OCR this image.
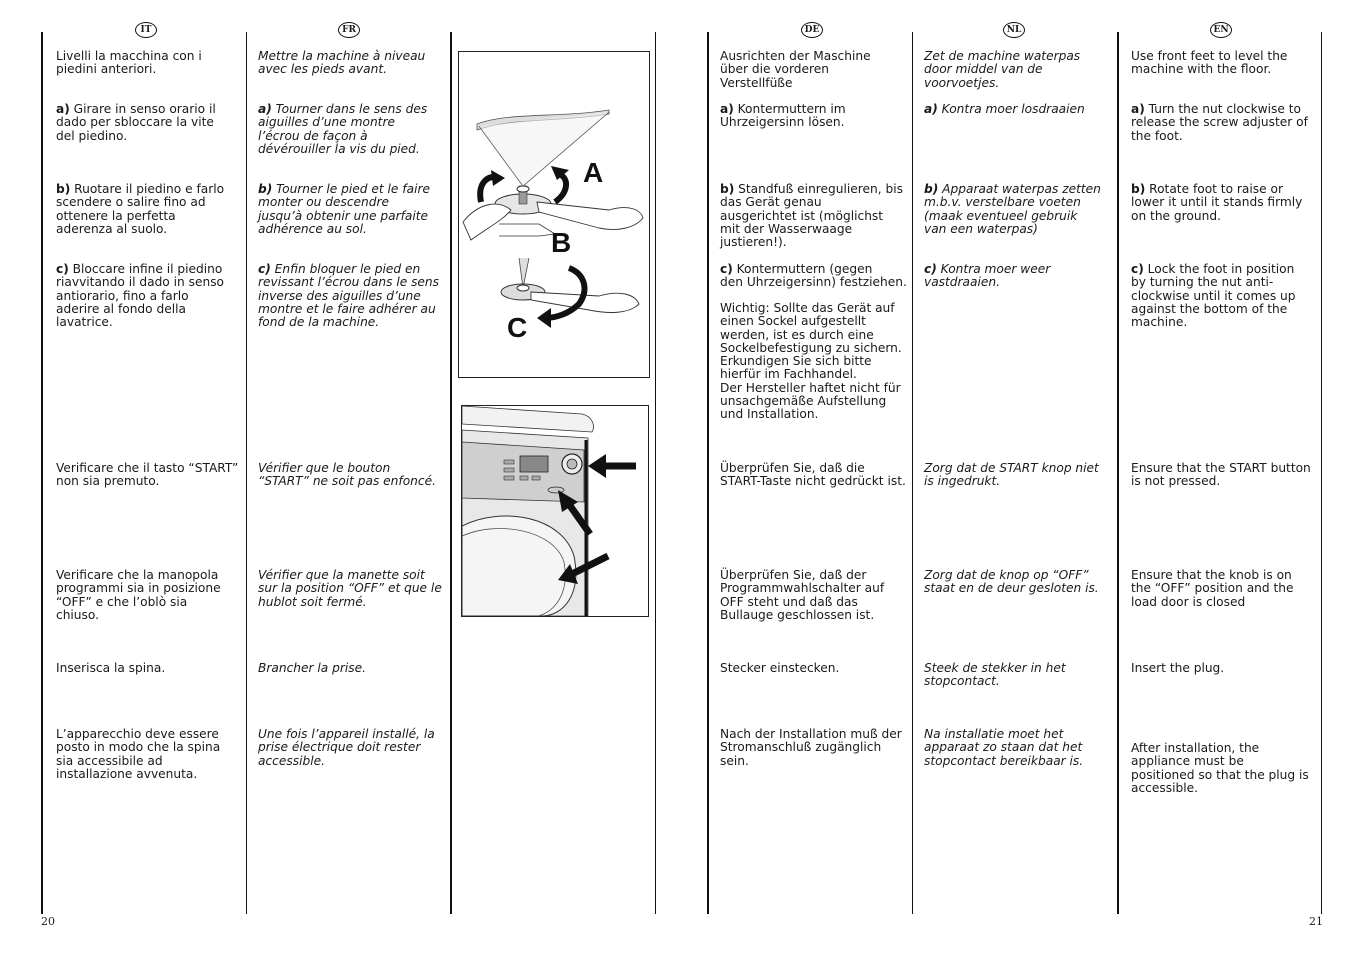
IT	FR	DE	NL	EN
Livelli la macchina con i
piedini anteriori.
a) Girare in senso orario il
dado per sbloccare la vite
del piedino.
b) Ruotare il piedino e farlo
scendere o salire fino ad
ottenere la perfetta
aderenza al suolo.
c) Bloccare infine il piedino
riavvitando il dado in senso
antiorario, fino a farlo
aderire al fondo della
lavatrice.
Verificare che il tasto “START”
non sia premuto.
Verificare che la manopola
programmi sia in posizione
“OFF” e che l’oblò sia
chiuso.
Inserisca la spina.
L’apparecchio deve essere
posto in modo che la spina
sia accessibile ad
installazione avvenuta.
Mettre la machine à niveau
avec les pieds avant.
a) Tourner dans le sens des
aiguilles d’une montre
l’écrou de façon à
dévérouiller la vis du pied.
b) Tourner le pied et le faire
monter ou descendre
jusqu’à obtenir une parfaite
adhérence au sol.
c) Enfin bloquer le pied en
revissant l’écrou dans le sens
inverse des aiguilles d’une
montre et le faire adhérer au
fond de la machine.
Vérifier que le bouton
“START” ne soit pas enfoncé.
Vérifier que la manette soit
sur la position “OFF” et que le
hublot soit fermé.
Brancher la prise.
Une fois l’appareil installé, la
prise électrique doit rester
accessible.
A
B
C
Ausrichten der Maschine
über die vorderen
Verstellfüße
a) Kontermuttern im
Uhrzeigersinn lösen.
b) Standfuß einregulieren, bis
das Gerät genau
ausgerichtet ist (möglichst
mit der Wasserwaage
justieren!).
c) Kontermuttern (gegen
den Uhrzeigersinn) festziehen.
Wichtig: Sollte das Gerät auf
einen Sockel aufgestellt
werden, ist es durch eine
Sockelbefestigung zu sichern.
Erkundigen Sie sich bitte
hierfür im Fachhandel.
Der Hersteller haftet nicht für
unsachgemäße Aufstellung
und Installation.
Überprüfen Sie, daß die
START-Taste nicht gedrückt ist.
Überprüfen Sie, daß der
Programmwahlschalter auf
OFF steht und daß das
Bullauge geschlossen ist.
Stecker einstecken.
Nach der Installation muß der
Stromanschluß zugänglich
sein.
Zet de machine waterpas
door middel van de
voorvoetjes.
a) Kontra moer losdraaien
b) Apparaat waterpas zetten
m.b.v. verstelbare voeten
(maak eventueel gebruik
van een waterpas)
c) Kontra moer weer
vastdraaien.
Zorg dat de START knop niet
is ingedrukt.
Zorg dat de knop op “OFF”
staat en de deur gesloten is.
Steek de stekker in het
stopcontact.
Na installatie moet het
apparaat zo staan dat het
stopcontact bereikbaar is.
Use front feet to level the
machine with the floor.
a) Turn the nut clockwise to
release the screw adjuster of
the foot.
b) Rotate foot to raise or
lower it until it stands firmly
on the ground.
c) Lock the foot in position
by turning the nut anti-
clockwise until it comes up
against the bottom of the
machine.
Ensure that the START button
is not pressed.
Ensure that the knob is on
the “OFF” position and the
load door is closed
Insert the plug.
After installation, the
appliance must be
positioned so that the plug is
accessible.
20	21
